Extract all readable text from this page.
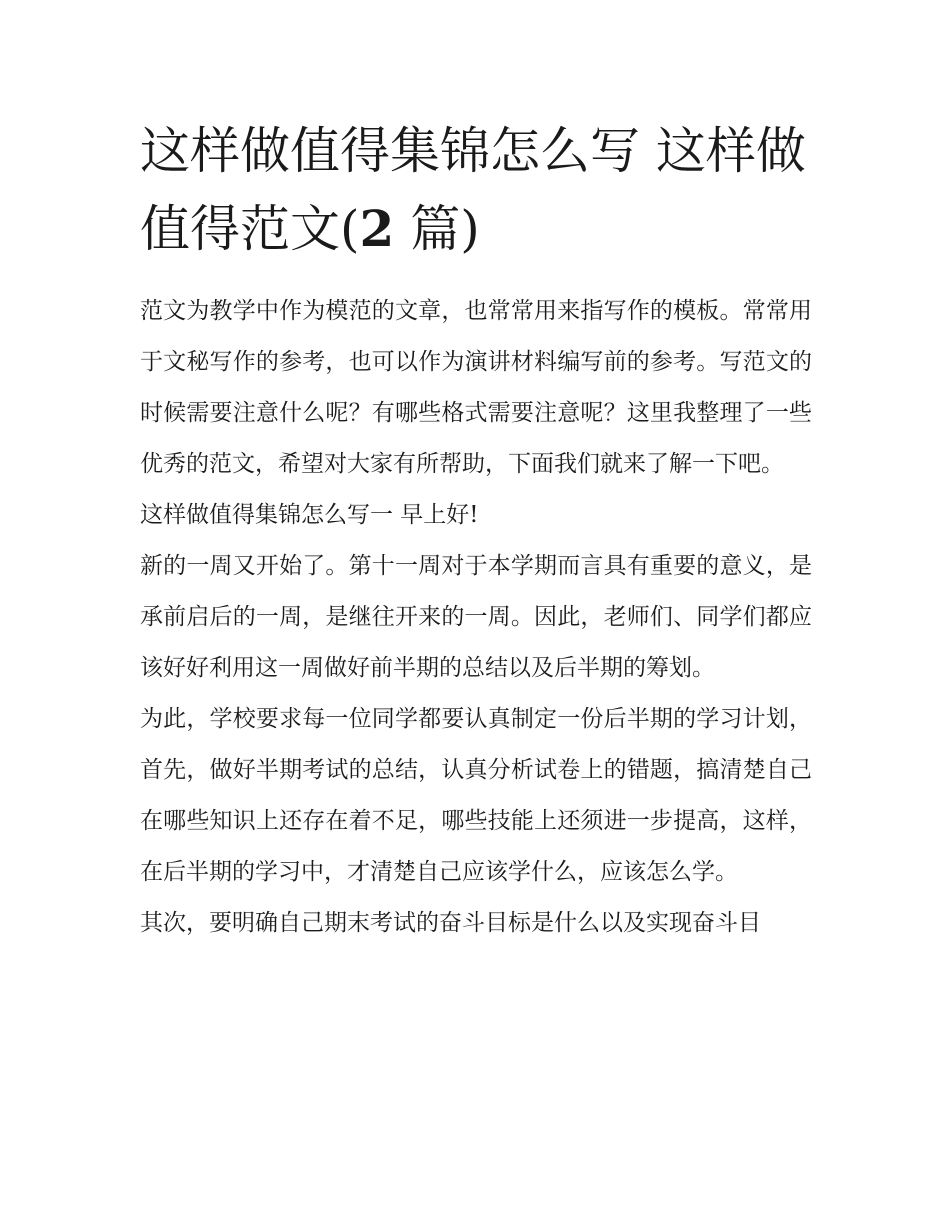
这样做值得集锦怎么写 这样做值得范文(2 篇)

范文为教学中作为模范的文章，也常常用来指写作的模板。常常用于文秘写作的参考，也可以作为演讲材料编写前的参考。写范文的时候需要注意什么呢？有哪些格式需要注意呢？这里我整理了一些优秀的范文，希望对大家有所帮助，下面我们就来了解一下吧。

这样做值得集锦怎么写一 早上好!

新的一周又开始了。第十一周对于本学期而言具有重要的意义，是承前启后的一周，是继往开来的一周。因此，老师们、同学们都应该好好利用这一周做好前半期的总结以及后半期的筹划。

为此，学校要求每一位同学都要认真制定一份后半期的学习计划，首先，做好半期考试的总结，认真分析试卷上的错题，搞清楚自己在哪些知识上还存在着不足，哪些技能上还须进一步提高，这样，在后半期的学习中，才清楚自己应该学什么，应该怎么学。

其次，要明确自己期末考试的奋斗目标是什么以及实现奋斗目
